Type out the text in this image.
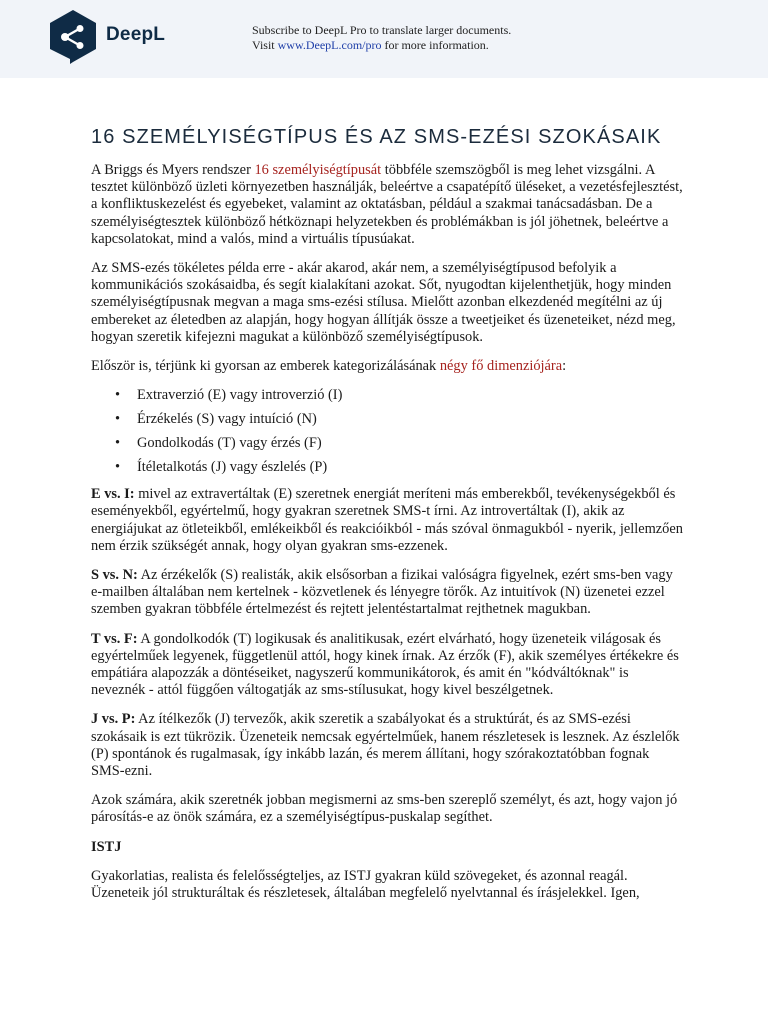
DeepL	Subscribe to DeepL Pro to translate larger documents.
Visit www.DeepL.com/pro for more information.
16 SZEMÉLYISÉGTÍPUS ÉS AZ SMS-EZÉSI SZOKÁSAIK

A Briggs és Myers rendszer 16 személyiségtípusát többféle szemszögből is meg lehet vizsgálni. A tesztet különböző üzleti környezetben használják, beleértve a csapatépítő üléseket, a vezetésfejlesztést, a konfliktuskezelést és egyebeket, valamint az oktatásban, például a szakmai tanácsadásban. De a személyiségtesztek különböző hétköznapi helyzetekben és problémákban is jól jöhetnek, beleértve a kapcsolatokat, mind a valós, mind a virtuális típusúakat.

Az SMS-ezés tökéletes példa erre - akár akarod, akár nem, a személyiségtípusod befolyik a kommunikációs szokásaidba, és segít kialakítani azokat. Sőt, nyugodtan kijelenthetjük, hogy minden személyiségtípusnak megvan a maga sms-ezési stílusa. Mielőtt azonban elkezdenéd megítélni az új embereket az életedben az alapján, hogy hogyan állítják össze a tweetjeiket és üzeneteiket, nézd meg, hogyan szeretik kifejezni magukat a különböző személyiségtípusok.

Először is, térjünk ki gyorsan az emberek kategorizálásának négy fő dimenziójára:

• Extraverzió (E) vagy introverzió (I)
• Érzékelés (S) vagy intuíció (N)
• Gondolkodás (T) vagy érzés (F)
• Ítéletalkotás (J) vagy észlelés (P)

E vs. I: mivel az extravertáltak (E) szeretnek energiát meríteni más emberekből, tevékenységekből és eseményekből, egyértelmű, hogy gyakran szeretnek SMS-t írni. Az introvertáltak (I), akik az energiájukat az ötleteikből, emlékeikből és reakcióikból - más szóval önmagukból - nyerik, jellemzően nem érzik szükségét annak, hogy olyan gyakran sms-ezzenek.

S vs. N: Az érzékelők (S) realisták, akik elsősorban a fizikai valóságra figyelnek, ezért sms-ben vagy e-mailben általában nem kertelnek - közvetlenek és lényegre törők. Az intuitívok (N) üzenetei ezzel szemben gyakran többféle értelmezést és rejtett jelentéstartalmat rejthetnek magukban.

T vs. F: A gondolkodók (T) logikusak és analitikusak, ezért elvárható, hogy üzeneteik világosak és egyértelműek legyenek, függetlenül attól, hogy kinek írnak. Az érzők (F), akik személyes értékekre és empátiára alapozzák a döntéseiket, nagyszerű kommunikátorok, és amit én "kódváltóknak" is neveznék - attól függően váltogatják az sms-stílusukat, hogy kivel beszélgetnek.

J vs. P: Az ítélkezők (J) tervezők, akik szeretik a szabályokat és a struktúrát, és az SMS-ezési szokásaik is ezt tükrözik. Üzeneteik nemcsak egyértelműek, hanem részletesek is lesznek. Az észlelők (P) spontánok és rugalmasak, így inkább lazán, és merem állítani, hogy szórakoztatóbban fognak SMS-ezni.

Azok számára, akik szeretnék jobban megismerni az sms-ben szereplő személyt, és azt, hogy vajon jó párosítás-e az önök számára, ez a személyiségtípus-puskalap segíthet.

ISTJ

Gyakorlatias, realista és felelősségteljes, az ISTJ gyakran küld szövegeket, és azonnal reagál. Üzeneteik jól strukturáltak és részletesek, általában megfelelő nyelvtannal és írásjelekkel. Igen,
